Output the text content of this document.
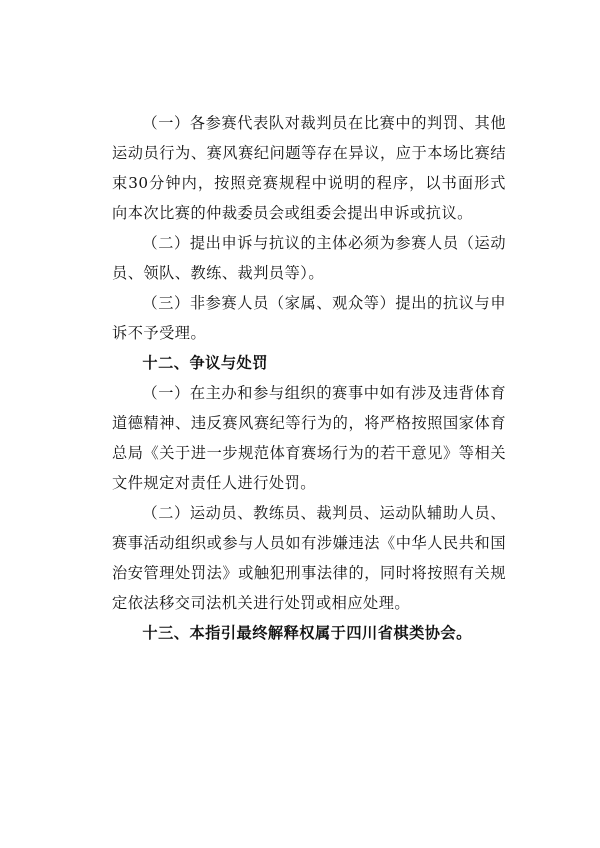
（一）各参赛代表队对裁判员在比赛中的判罚、其他运动员行为、赛风赛纪问题等存在异议，应于本场比赛结束30分钟内，按照竞赛规程中说明的程序，以书面形式向本次比赛的仲裁委员会或组委会提出申诉或抗议。

（二）提出申诉与抗议的主体必须为参赛人员（运动员、领队、教练、裁判员等）。

（三）非参赛人员（家属、观众等）提出的抗议与申诉不予受理。

十二、争议与处罚

（一）在主办和参与组织的赛事中如有涉及违背体育道德精神、违反赛风赛纪等行为的，将严格按照国家体育总局《关于进一步规范体育赛场行为的若干意见》等相关文件规定对责任人进行处罚。

（二）运动员、教练员、裁判员、运动队辅助人员、赛事活动组织或参与人员如有涉嫌违法《中华人民共和国治安管理处罚法》或触犯刑事法律的，同时将按照有关规定依法移交司法机关进行处罚或相应处理。

十三、本指引最终解释权属于四川省棋类协会。
